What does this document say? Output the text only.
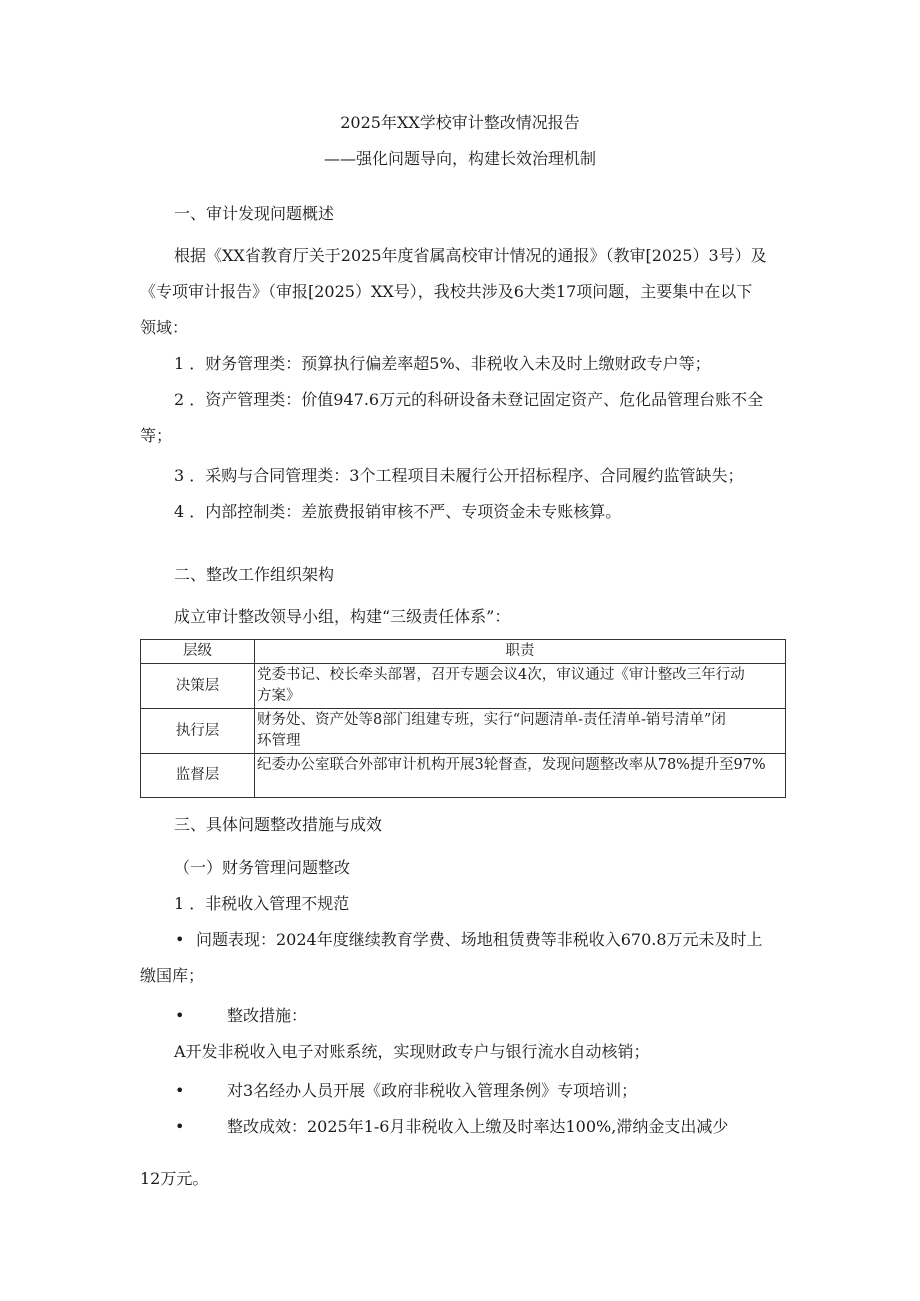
2025年XX学校审计整改情况报告
——强化问题导向，构建长效治理机制
一、审计发现问题概述
根据《XX省教育厅关于2025年度省属高校审计情况的通报》（教审[2025）3号）及
《专项审计报告》（审报[2025）XX号），我校共涉及6大类17项问题，主要集中在以下
领域：
1 ．财务管理类：预算执行偏差率超5%、非税收入未及时上缴财政专户等；
2 ．资产管理类：价值947.6万元的科研设备未登记固定资产、危化品管理台账不全
等；
3 ．采购与合同管理类：3个工程项目未履行公开招标程序、合同履约监管缺失；
4 ．内部控制类：差旅费报销审核不严、专项资金未专账核算。
二、整改工作组织架构
成立审计整改领导小组，构建“三级责任体系”：
层级	职责
决策层	党委书记、校长牵头部署，召开专题会议4次，审议通过《审计整改三年行动
方案》
执行层	财务处、资产处等8部门组建专班，实行“问题清单-责任清单-销号清单”闭
环管理
监督层	纪委办公室联合外部审计机构开展3轮督查，发现问题整改率从78%提升至97%
三、具体问题整改措施与成效
（一）财务管理问题整改
1 ．非税收入管理不规范
• 问题表现：2024年度继续教育学费、场地租赁费等非税收入670.8万元未及时上
缴国库；
•	整改措施：
A开发非税收入电子对账系统，实现财政专户与银行流水自动核销；
•	对3名经办人员开展《政府非税收入管理条例》专项培训；
•	整改成效：2025年1-6月非税收入上缴及时率达100%,滞纳金支出减少
12万元。
